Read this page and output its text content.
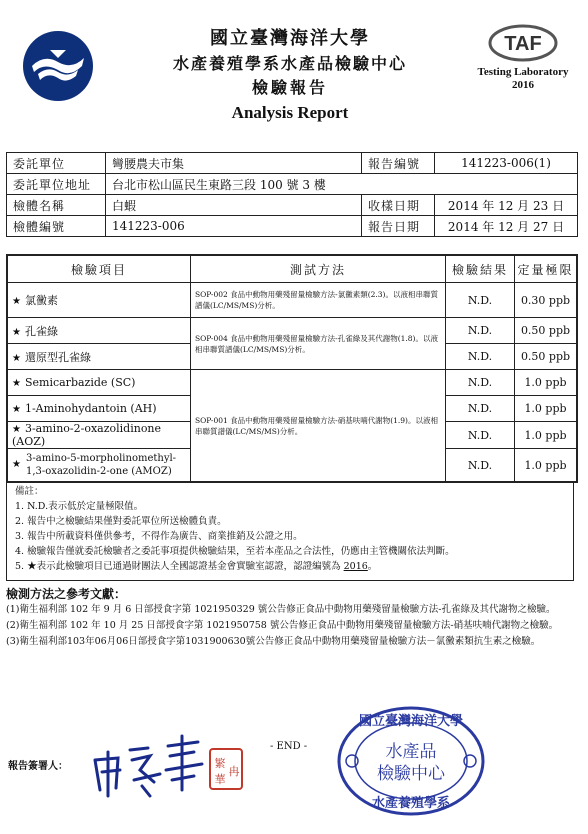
國立臺灣海洋大學
水產養殖學系水產品檢驗中心
檢驗報告
Analysis Report
TAF
Testing Laboratory
2016
委託單位	彎腰農夫市集	報告編號	141223-006(1)
委託單位地址	台北市松山區民生東路三段 100 號 3 樓		
檢體名稱	白蝦	收樣日期	2014 年 12 月 23 日
檢體編號	141223-006	報告日期	2014 年 12 月 27 日
檢驗項目	測試方法	檢驗結果	定量極限
★ 氯黴素	SOP-002 食品中動物用藥殘留量檢驗方法-氯黴素類(2.3)。以液相串聯質譜儀(LC/MS/MS)分析。	N.D.	0.30 ppb
★ 孔雀綠	SOP-004 食品中動物用藥殘留量檢驗方法-孔雀綠及其代謝物(1.8)。以液相串聯質譜儀(LC/MS/MS)分析。	N.D.	0.50 ppb
★ 還原型孔雀綠		N.D.	0.50 ppb
★ Semicarbazide (SC)	SOP-001 食品中動物用藥殘留量檢驗方法-硝基呋喃代謝物(1.9)。以液相串聯質譜儀(LC/MS/MS)分析。	N.D.	1.0 ppb
★ 1-Aminohydantoin (AH)		N.D.	1.0 ppb
★ 3-amino-2-oxazolidinone (AOZ)		N.D.	1.0 ppb

★
3-amino-5-morpholinomethyl-1,3-oxazolidin-2-one (AMOZ)		N.D.	1.0 ppb
備註：
1. N.D.表示低於定量極限值。
2. 報告中之檢驗結果僅對委託單位所送檢體負責。
3. 報告中所載資料僅供參考，不得作為廣告、商業推銷及公證之用。
4. 檢驗報告僅就委託檢驗者之委託事項提供檢驗結果，至若本產品之合法性，仍應由主管機關依法判斷。
5. ★表示此檢驗項目已通過財團法人全國認證基金會實驗室認證，認證編號為 2016。
檢測方法之參考文獻：
(1)衛生福利部 102 年 9 月 6 日部授食字第 1021950329 號公告修正食品中動物用藥殘留量檢驗方法-孔雀綠及其代謝物之檢驗。
(2)衛生福利部 102 年 10 月 25 日部授食字第 1021950758 號公告修正食品中動物用藥殘留量檢驗方法-硝基呋喃代謝物之檢驗。
(3)衛生福利部103年06月06日部授食字第1031900630號公告修正食品中動物用藥殘留量檢驗方法－氯黴素類抗生素之檢驗。
報告簽署人：
- END -
繁
華
冉
國立臺灣海洋大學
水產品
檢驗中心
水產養殖學系
